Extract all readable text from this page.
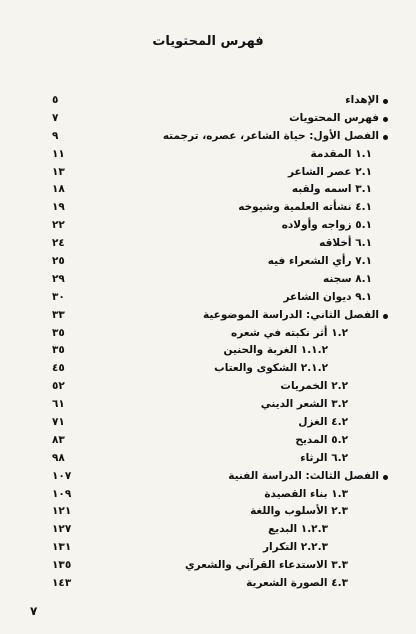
فهرس المحتويات
الإهداء
٥
فهرس المحتويات
٧
الفصل الأول: حياة الشاعر، عصره، ترجمته
٩
١.١ المقدمة
١١
٢.١ عصر الشاعر
١٣
٣.١ اسمه ولقبه
١٨
٤.١ نشأته العلمية وشيوخه
١٩
٥.١ زواجه وأولاده
٢٢
٦.١ أخلاقه
٢٤
٧.١ رأي الشعراء فيه
٢٥
٨.١ سجنه
٢٩
٩.١ ديوان الشاعر
٣٠
الفصل الثاني: الدراسة الموضوعية
٣٣
١.٢ أثر نكبته في شعره
٣٥
١.١.٢ الغربة والحنين
٣٥
٢.١.٢ الشكوى والعتاب
٤٥
٢.٢ الخمريات
٥٢
٣.٢ الشعر الديني
٦١
٤.٢ الغزل
٧١
٥.٢ المديح
٨٣
٦.٢ الرثاء
٩٨
الفصل الثالث: الدراسة الفنية
١٠٧
١.٣ بناء القصيدة
١٠٩
٢.٣ الأسلوب واللغة
١٢١
١.٢.٣ البديع
١٢٧
٢.٢.٣ التكرار
١٣١
٣.٣ الاستدعاء القرآني والشعري
١٣٥
٤.٣ الصورة الشعرية
١٤٣
٧
